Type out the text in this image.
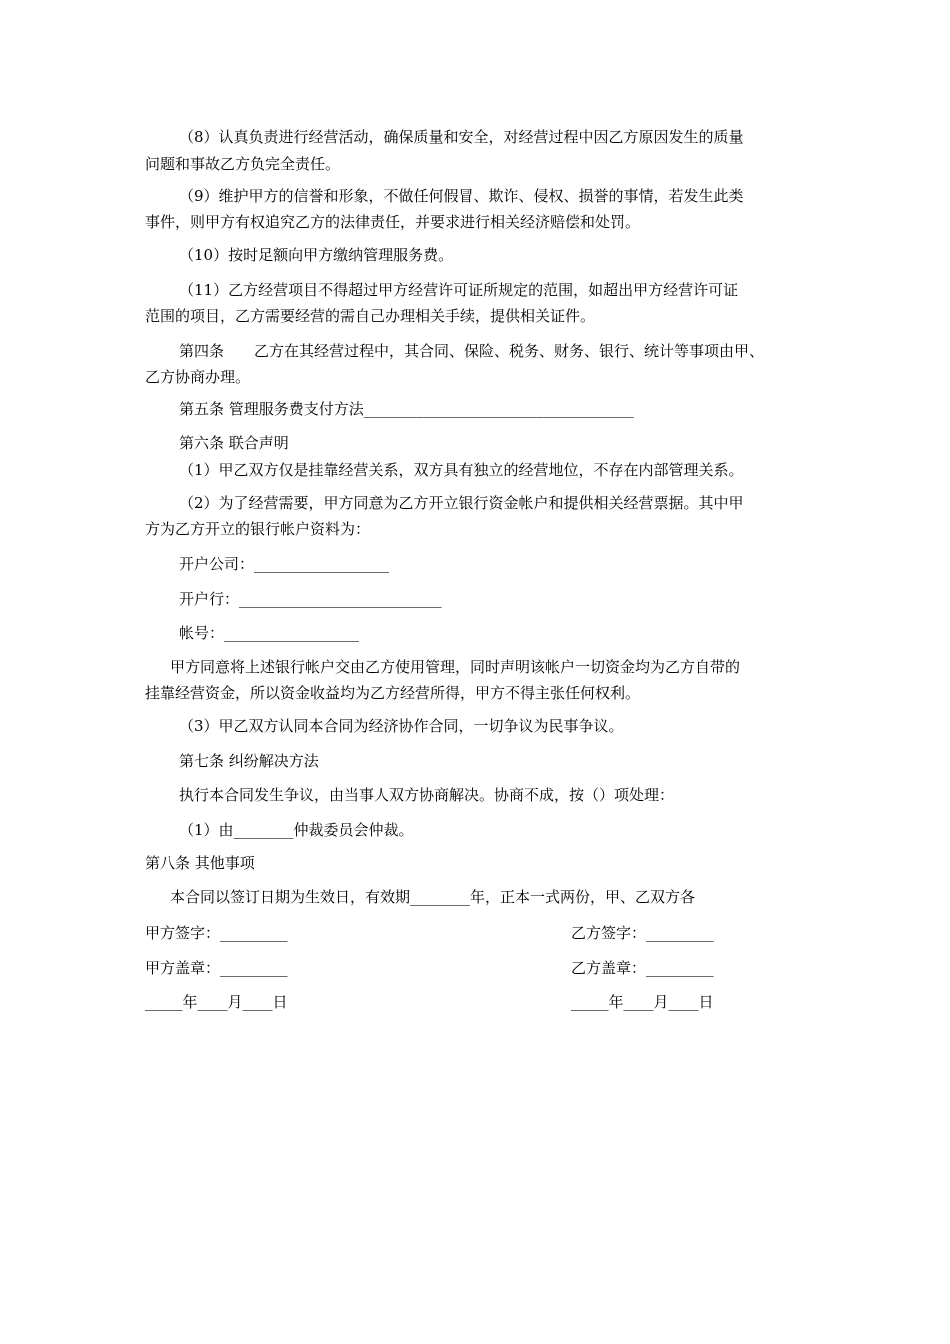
（8）认真负责进行经营活动，确保质量和安全，对经营过程中因乙方原因发生的质量
问题和事故乙方负完全责任。
（9）维护甲方的信誉和形象，不做任何假冒、欺诈、侵权、损誉的事情，若发生此类
事件，则甲方有权追究乙方的法律责任，并要求进行相关经济赔偿和处罚。
（10）按时足额向甲方缴纳管理服务费。
（11）乙方经营项目不得超过甲方经营许可证所规定的范围，如超出甲方经营许可证
范围的项目，乙方需要经营的需自己办理相关手续，提供相关证件。
第四条　　乙方在其经营过程中，其合同、保险、税务、财务、银行、统计等事项由甲、
乙方协商办理。
第五条 管理服务费支付方法____________________________________
第六条 联合声明
（1）甲乙双方仅是挂靠经营关系，双方具有独立的经营地位，不存在内部管理关系。
（2）为了经营需要，甲方同意为乙方开立银行资金帐户和提供相关经营票据。其中甲
方为乙方开立的银行帐户资料为：
开户公司：__________________
开户行：___________________________
帐号：__________________
甲方同意将上述银行帐户交由乙方使用管理，同时声明该帐户一切资金均为乙方自带的
挂靠经营资金，所以资金收益均为乙方经营所得，甲方不得主张任何权利。
（3）甲乙双方认同本合同为经济协作合同，一切争议为民事争议。
第七条 纠纷解决方法
执行本合同发生争议，由当事人双方协商解决。协商不成，按（）项处理：
（1）由________仲裁委员会仲裁。
第八条 其他事项
本合同以签订日期为生效日，有效期________年，正本一式两份，甲、乙双方各
甲方签字：_________	乙方签字：_________
甲方盖章：_________	乙方盖章：_________
_____年____月____日	_____年____月____日
